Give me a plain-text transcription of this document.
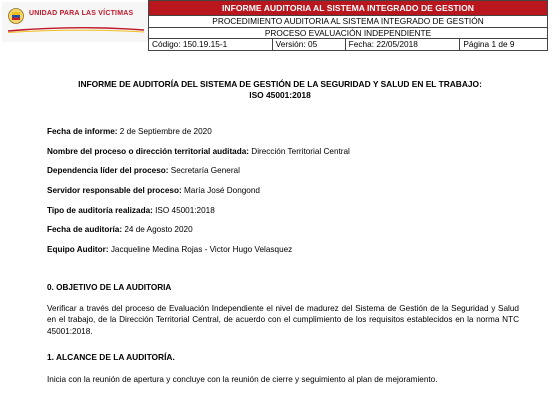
UNIDAD PARA LAS VÍCTIMAS
INFORME AUDITORIA AL SISTEMA INTEGRADO DE GESTION
PROCEDIMIENTO AUDITORIA AL SISTEMA INTEGRADO DE GESTIÓN
PROCESO EVALUACIÓN INDEPENDIENTE
Código: 150.19.15-1	Versión: 05	Fecha: 22/05/2018	Página 1 de 9
INFORME DE AUDITORÍA DEL SISTEMA DE GESTIÓN DE LA SEGURIDAD Y SALUD EN EL TRABAJO:
ISO 45001:2018
Fecha de informe: 2 de Septiembre de 2020
Nombre del proceso o dirección territorial auditada: Dirección Territorial Central
Dependencia líder del proceso: Secretaría General
Servidor responsable del proceso: María José Dongond
Tipo de auditoría realizada: ISO 45001:2018
Fecha de auditoría: 24 de Agosto 2020
Equipo Auditor: Jacqueline Medina Rojas - Victor Hugo Velasquez
0. OBJETIVO DE LA AUDITORIA
Verificar a través del proceso de Evaluación Independiente el nivel de madurez del Sistema de Gestión de la Seguridad y Salud en el trabajo, de la Dirección Territorial Central, de acuerdo con el cumplimiento de los requisitos establecidos en la norma NTC 45001:2018.
1. ALCANCE DE LA AUDITORÍA.
Inicia con la reunión de apertura y concluye con la reunión de cierre y seguimiento al plan de mejoramiento.
